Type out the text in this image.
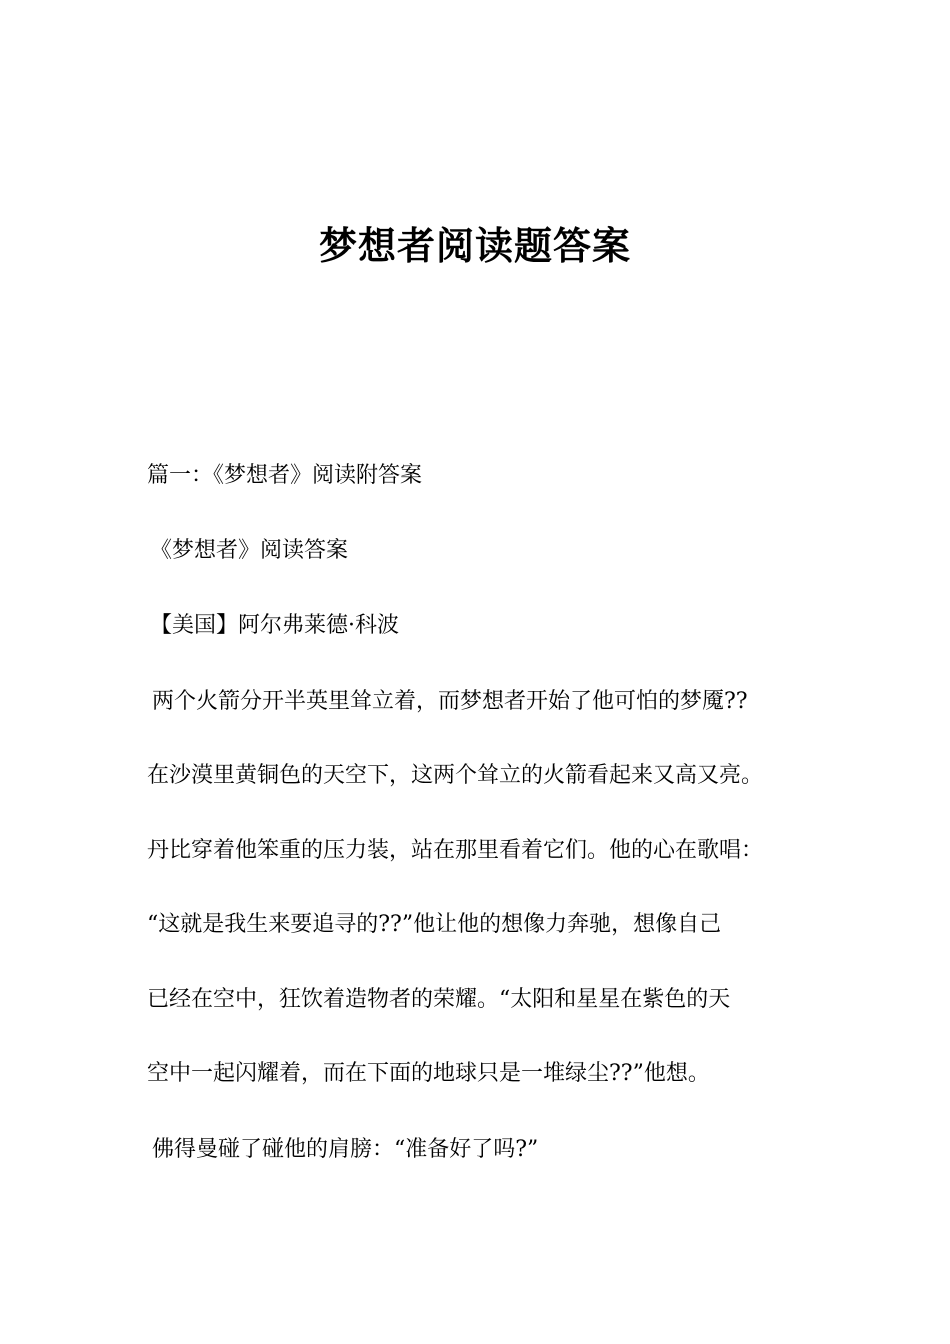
梦想者阅读题答案

篇一：《梦想者》阅读附答案

《梦想者》阅读答案

【美国】阿尔弗莱德·科波

两个火箭分开半英里耸立着，而梦想者开始了他可怕的梦魇??

在沙漠里黄铜色的天空下，这两个耸立的火箭看起来又高又亮。

丹比穿着他笨重的压力装，站在那里看着它们。他的心在歌唱：

“这就是我生来要追寻的??”他让他的想像力奔驰，想像自己

已经在空中，狂饮着造物者的荣耀。“太阳和星星在紫色的天

空中一起闪耀着，而在下面的地球只是一堆绿尘??”他想。

佛得曼碰了碰他的肩膀：“准备好了吗?”
